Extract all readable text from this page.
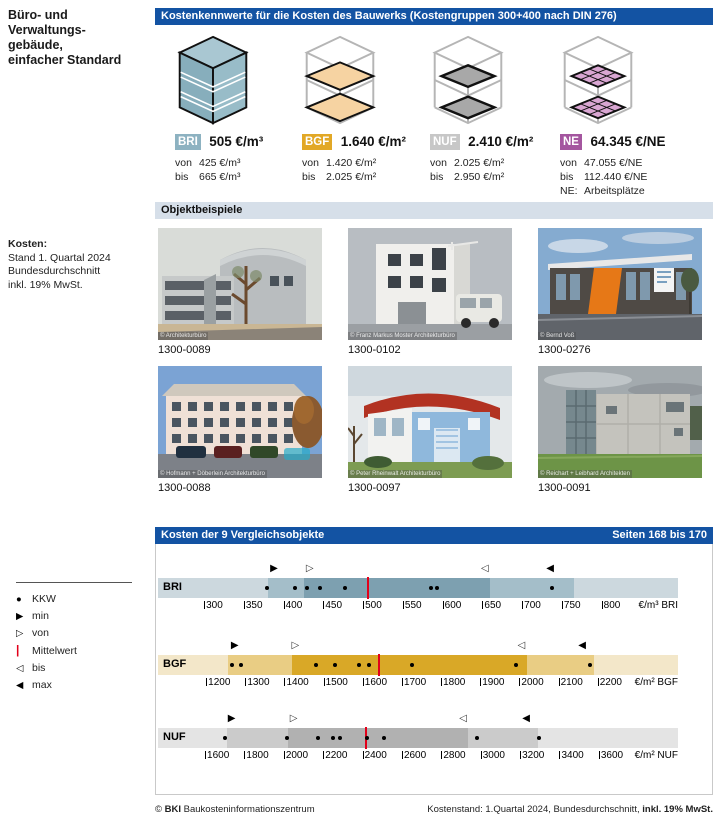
Büro- und
Verwaltungs-
gebäude,
einfacher Standard
Kosten:
Stand 1. Quartal 2024
Bundesdurchschnitt
inkl. 19% MwSt.
Kostenkennwerte für die Kosten des Bauwerks (Kostengruppen 300+400 nach DIN 276)
BRI 505 €/m³
von 425 €/m³
bis 665 €/m³
BGF 1.640 €/m²
von 1.420 €/m²
bis 2.025 €/m²
NUF 2.410 €/m²
von 2.025 €/m²
bis 2.950 €/m²
NE 64.345 €/NE
von 47.055 €/NE
bis 112.440 €/NE
NE: Arbeitsplätze
Objektbeispiele
© Architekturbüro
1300-0089
© Franz Markus Moster Architekturbüro
1300-0102
© Bernd Voß
1300-0276
© Hofmann + Döberlein Architekturbüro
1300-0088
© Peter Rheinwalt Architekturbüro
1300-0097
© Reichart + Leibhard Architekten
1300-0091
Kosten der 9 Vergleichsobjekte	Seiten 168 bis 170
▶	▷	◁	◀
BRI
300 350 400 450 500 550 600 650 700 750 800 €/m³ BRI
▶	▷	◁	◀
BGF
1200 1300 1400 1500 1600 1700 1800 1900 2000 2100 2200 €/m² BGF
▶	▷	◁	◀
NUF
1600 1800 2000 2200 2400 2600 2800 3000 3200 3400 3600 €/m² NUF
● KKW
▶ min
▷ von
| Mittelwert
◁ bis
◀ max
© BKI Baukosteninformationszentrum	Kostenstand: 1.Quartal 2024, Bundesdurchschnitt, inkl. 19% MwSt.
